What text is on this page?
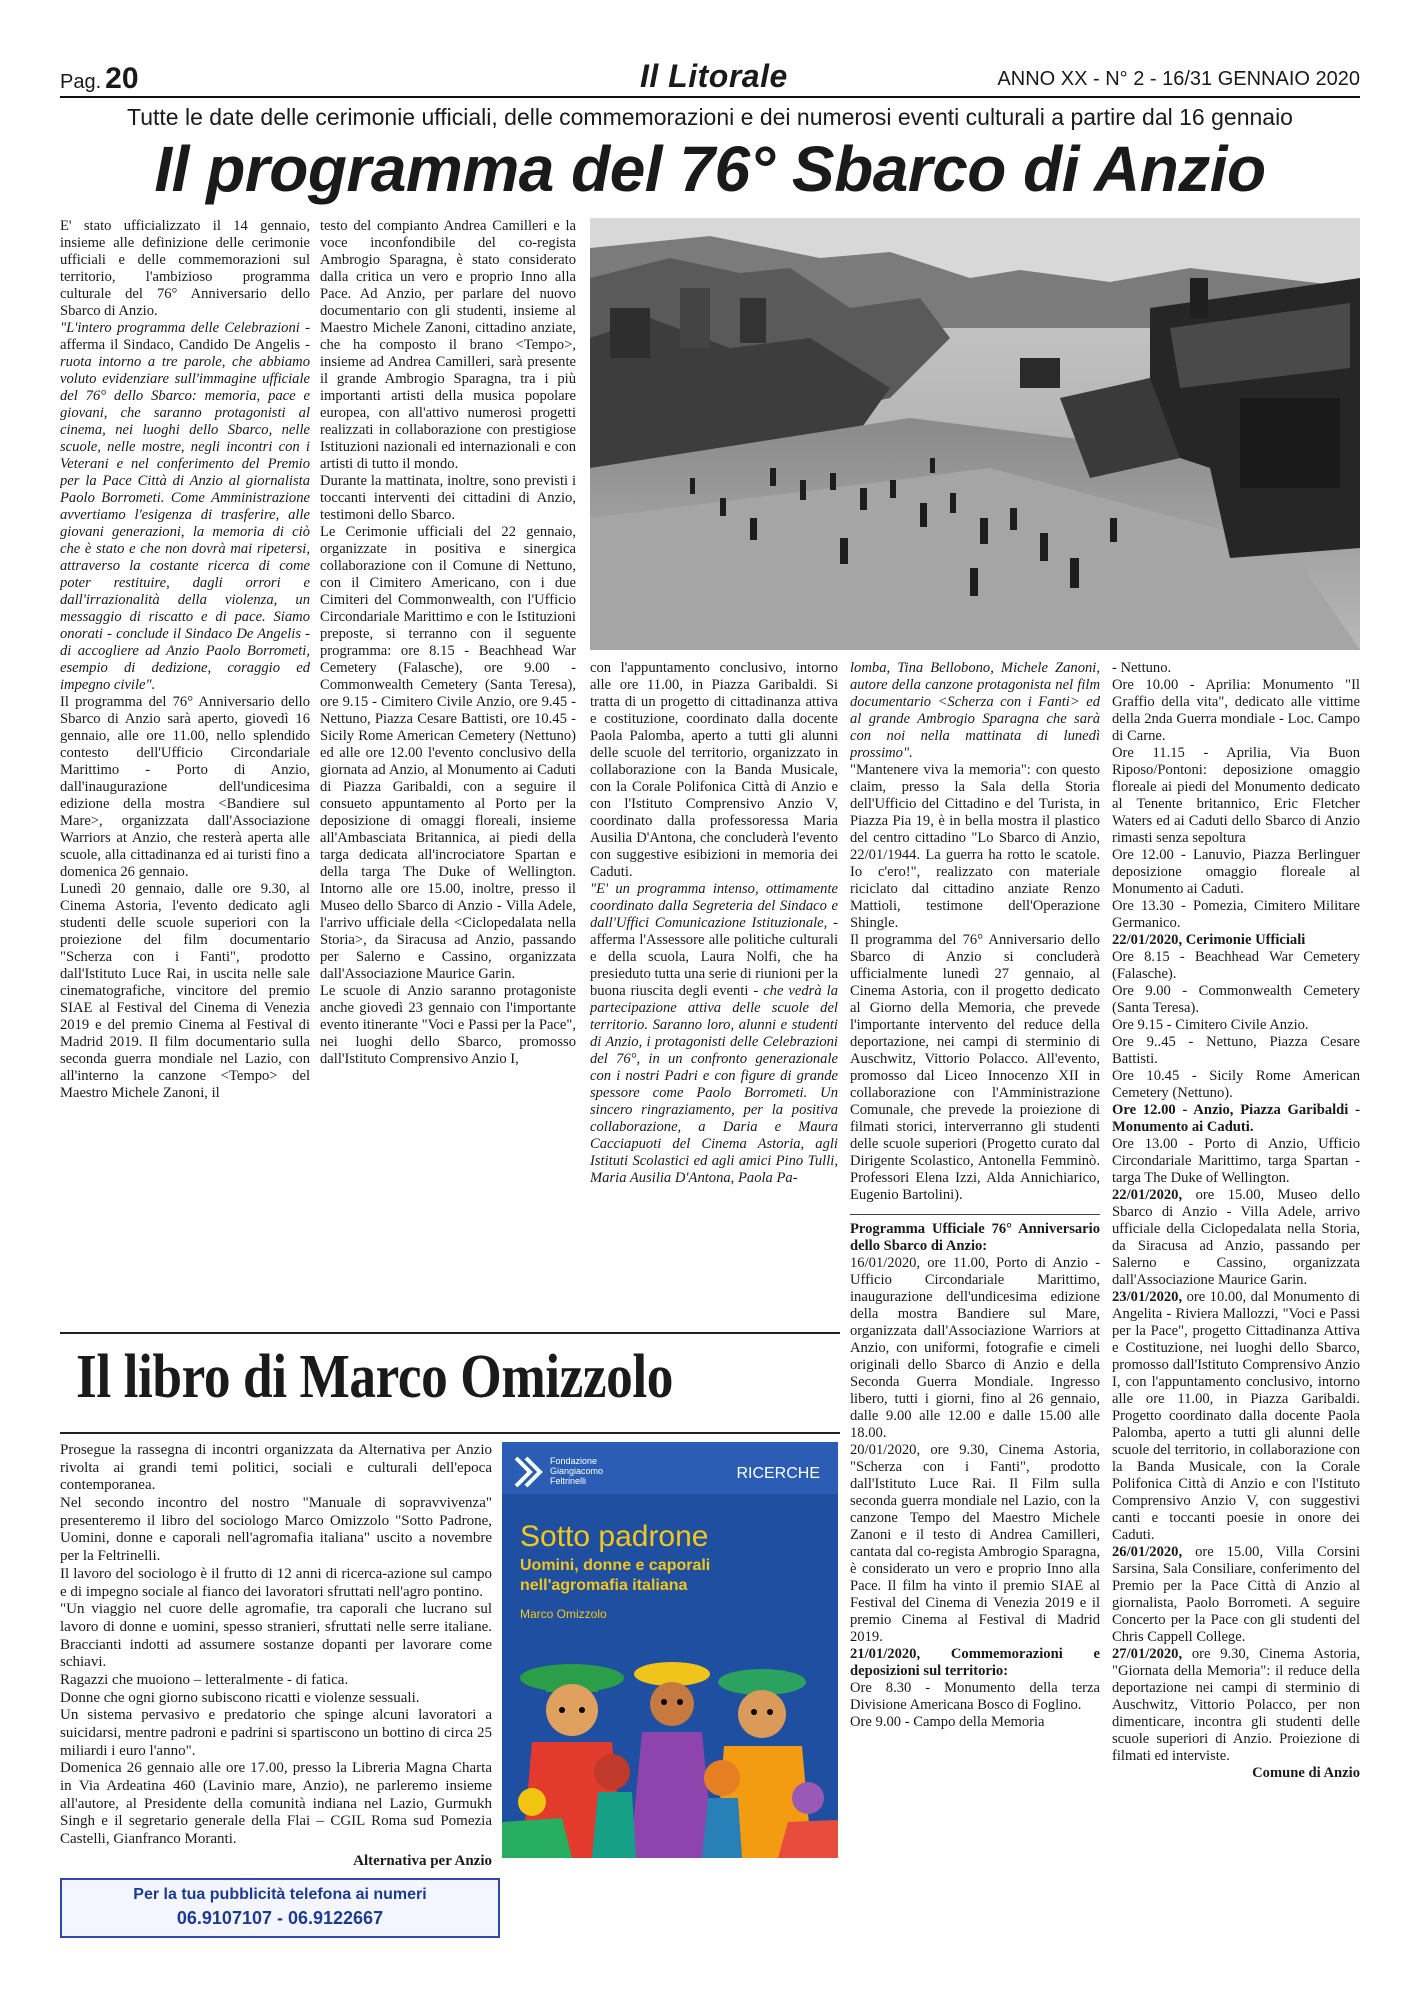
Pag. 20	Il Litorale	ANNO XX - N° 2 - 16/31 GENNAIO 2020
Tutte le date delle cerimonie ufficiali, delle commemorazioni e dei numerosi eventi culturali a partire dal 16 gennaio
Il programma del 76° Sbarco di Anzio

E' stato ufficializzato il 14 gennaio, insieme alle definizione delle cerimonie ufficiali e delle commemorazioni sul territorio, l'ambizioso programma culturale del 76° Anniversario dello Sbarco di Anzio.

"L'intero programma delle Celebrazioni - afferma il Sindaco, Candido De Angelis - ruota intorno a tre parole, che abbiamo voluto evidenziare sull'immagine ufficiale del 76° dello Sbarco: memoria, pace e giovani, che saranno protagonisti al cinema, nei luoghi dello Sbarco, nelle scuole, nelle mostre, negli incontri con i Veterani e nel conferimento del Premio per la Pace Città di Anzio al giornalista Paolo Borrometi. Come Amministrazione avvertiamo l'esigenza di trasferire, alle giovani generazioni, la memoria di ciò che è stato e che non dovrà mai ripetersi, attraverso la costante ricerca di come poter restituire, dagli orrori e dall'irrazionalità della violenza, un messaggio di riscatto e di pace. Siamo onorati - conclude il Sindaco De Angelis - di accogliere ad Anzio Paolo Borrometi, esempio di dedizione, coraggio ed impegno civile".

Il programma del 76° Anniversario dello Sbarco di Anzio sarà aperto, giovedì 16 gennaio, alle ore 11.00, nello splendido contesto dell'Ufficio Circondariale Marittimo - Porto di Anzio, dall'inaugurazione dell'undicesima edizione della mostra <Bandiere sul Mare>, organizzata dall'Associazione Warriors at Anzio, che resterà aperta alle scuole, alla cittadinanza ed ai turisti fino a domenica 26 gennaio.

Lunedì 20 gennaio, dalle ore 9.30, al Cinema Astoria, l'evento dedicato agli studenti delle scuole superiori con la proiezione del film documentario "Scherza con i Fanti", prodotto dall'Istituto Luce Rai, in uscita nelle sale cinematografiche, vincitore del premio SIAE al Festival del Cinema di Venezia 2019 e del premio Cinema al Festival di Madrid 2019. Il film documentario sulla seconda guerra mondiale nel Lazio, con all'interno la canzone <Tempo> del Maestro Michele Zanoni, il

testo del compianto Andrea Camilleri e la voce inconfondibile del co-regista Ambrogio Sparagna, è stato considerato dalla critica un vero e proprio Inno alla Pace. Ad Anzio, per parlare del nuovo documentario con gli studenti, insieme al Maestro Michele Zanoni, cittadino anziate, che ha composto il brano <Tempo>, insieme ad Andrea Camilleri, sarà presente il grande Ambrogio Sparagna, tra i più importanti artisti della musica popolare europea, con all'attivo numerosi progetti realizzati in collaborazione con prestigiose Istituzioni nazionali ed internazionali e con artisti di tutto il mondo.

Durante la mattinata, inoltre, sono previsti i toccanti interventi dei cittadini di Anzio, testimoni dello Sbarco.

Le Cerimonie ufficiali del 22 gennaio, organizzate in positiva e sinergica collaborazione con il Comune di Nettuno, con il Cimitero Americano, con i due Cimiteri del Commonwealth, con l'Ufficio Circondariale Marittimo e con le Istituzioni preposte, si terranno con il seguente programma: ore 8.15 - Beachhead War Cemetery (Falasche), ore 9.00 - Commonwealth Cemetery (Santa Teresa), ore 9.15 - Cimitero Civile Anzio, ore 9.45 - Nettuno, Piazza Cesare Battisti, ore 10.45 - Sicily Rome American Cemetery (Nettuno) ed alle ore 12.00 l'evento conclusivo della giornata ad Anzio, al Monumento ai Caduti di Piazza Garibaldi, con a seguire il consueto appuntamento al Porto per la deposizione di omaggi floreali, insieme all'Ambasciata Britannica, ai piedi della targa dedicata all'incrociatore Spartan e della targa The Duke of Wellington. Intorno alle ore 15.00, inoltre, presso il Museo dello Sbarco di Anzio - Villa Adele, l'arrivo ufficiale della <Ciclopedalata nella Storia>, da Siracusa ad Anzio, passando per Salerno e Cassino, organizzata dall'Associazione Maurice Garin.

Le scuole di Anzio saranno protagoniste anche giovedì 23 gennaio con l'importante evento itinerante "Voci e Passi per la Pace", nei luoghi dello Sbarco, promosso dall'Istituto Comprensivo Anzio I,

con l'appuntamento conclusivo, intorno alle ore 11.00, in Piazza Garibaldi. Si tratta di un progetto di cittadinanza attiva e costituzione, coordinato dalla docente Paola Palomba, aperto a tutti gli alunni delle scuole del territorio, organizzato in collaborazione con la Banda Musicale, con la Corale Polifonica Città di Anzio e con l'Istituto Comprensivo Anzio V, coordinato dalla professoressa Maria Ausilia D'Antona, che concluderà l'evento con suggestive esibizioni in memoria dei Caduti.

"E' un programma intenso, ottimamente coordinato dalla Segreteria del Sindaco e dall'Uffici Comunicazione Istituzionale, - afferma l'Assessore alle politiche culturali e della scuola, Laura Nolfi, che ha presieduto tutta una serie di riunioni per la buona riuscita degli eventi - che vedrà la partecipazione attiva delle scuole del territorio. Saranno loro, alunni e studenti di Anzio, i protagonisti delle Celebrazioni del 76°, in un confronto generazionale con i nostri Padri e con figure di grande spessore come Paolo Borrometi. Un sincero ringraziamento, per la positiva collaborazione, a Daria e Maura Cacciapuoti del Cinema Astoria, agli Istituti Scolastici ed agli amici Pino Tulli, Maria Ausilia D'Antona, Paola Pa-

lomba, Tina Bellobono, Michele Zanoni, autore della canzone protagonista nel film documentario <Scherza con i Fanti> ed al grande Ambrogio Sparagna che sarà con noi nella mattinata di lunedì prossimo".

"Mantenere viva la memoria": con questo claim, presso la Sala della Storia dell'Ufficio del Cittadino e del Turista, in Piazza Pia 19, è in bella mostra il plastico del centro cittadino "Lo Sbarco di Anzio, 22/01/1944. La guerra ha rotto le scatole. Io c'ero!", realizzato con materiale riciclato dal cittadino anziate Renzo Mattioli, testimone dell'Operazione Shingle.

Il programma del 76° Anniversario dello Sbarco di Anzio si concluderà ufficialmente lunedì 27 gennaio, al Cinema Astoria, con il progetto dedicato al Giorno della Memoria, che prevede l'importante intervento del reduce della deportazione, nei campi di sterminio di Auschwitz, Vittorio Polacco. All'evento, promosso dal Liceo Innocenzo XII in collaborazione con l'Amministrazione Comunale, che prevede la proiezione di filmati storici, interverranno gli studenti delle scuole superiori (Progetto curato dal Dirigente Scolastico, Antonella Femminò. Professori Elena Izzi, Alda Annichiarico, Eugenio Bartolini).

Programma Ufficiale 76° Anniversario dello Sbarco di Anzio:

16/01/2020, ore 11.00, Porto di Anzio - Ufficio Circondariale Marittimo, inaugurazione dell'undicesima edizione della mostra Bandiere sul Mare, organizzata dall'Associazione Warriors at Anzio, con uniformi, fotografie e cimeli originali dello Sbarco di Anzio e della Seconda Guerra Mondiale. Ingresso libero, tutti i giorni, fino al 26 gennaio, dalle 9.00 alle 12.00 e dalle 15.00 alle 18.00.

20/01/2020, ore 9.30, Cinema Astoria, "Scherza con i Fanti", prodotto dall'Istituto Luce Rai. Il Film sulla seconda guerra mondiale nel Lazio, con la canzone Tempo del Maestro Michele Zanoni e il testo di Andrea Camilleri, cantata dal co-regista Ambrogio Sparagna, è considerato un vero e proprio Inno alla Pace. Il film ha vinto il premio SIAE al Festival del Cinema di Venezia 2019 e il premio Cinema al Festival di Madrid 2019.

21/01/2020, Commemorazioni e deposizioni sul territorio:

Ore 8.30 - Monumento della terza Divisione Americana Bosco di Foglino.

Ore 9.00 - Campo della Memoria

- Nettuno.

Ore 10.00 - Aprilia: Monumento "Il Graffio della vita", dedicato alle vittime della 2nda Guerra mondiale - Loc. Campo di Carne.

Ore 11.15 - Aprilia, Via Buon Riposo/Pontoni: deposizione omaggio floreale ai piedi del Monumento dedicato al Tenente britannico, Eric Fletcher Waters ed ai Caduti dello Sbarco di Anzio rimasti senza sepoltura

Ore 12.00 - Lanuvio, Piazza Berlinguer deposizione omaggio floreale al Monumento ai Caduti.

Ore 13.30 - Pomezia, Cimitero Militare Germanico.

22/01/2020, Cerimonie Ufficiali

Ore 8.15 - Beachhead War Cemetery (Falasche).

Ore 9.00 - Commonwealth Cemetery (Santa Teresa).

Ore 9.15 - Cimitero Civile Anzio.

Ore 9..45 - Nettuno, Piazza Cesare Battisti.

Ore 10.45 - Sicily Rome American Cemetery (Nettuno).

Ore 12.00 - Anzio, Piazza Garibaldi - Monumento ai Caduti.

Ore 13.00 - Porto di Anzio, Ufficio Circondariale Marittimo, targa Spartan - targa The Duke of Wellington.

22/01/2020, ore 15.00, Museo dello Sbarco di Anzio - Villa Adele, arrivo ufficiale della Ciclopedalata nella Storia, da Siracusa ad Anzio, passando per Salerno e Cassino, organizzata dall'Associazione Maurice Garin.

23/01/2020, ore 10.00, dal Monumento di Angelita - Riviera Mallozzi, "Voci e Passi per la Pace", progetto Cittadinanza Attiva e Costituzione, nei luoghi dello Sbarco, promosso dall'Istituto Comprensivo Anzio I, con l'appuntamento conclusivo, intorno alle ore 11.00, in Piazza Garibaldi. Progetto coordinato dalla docente Paola Palomba, aperto a tutti gli alunni delle scuole del territorio, in collaborazione con la Banda Musicale, con la Corale Polifonica Città di Anzio e con l'Istituto Comprensivo Anzio V, con suggestivi canti e toccanti poesie in onore dei Caduti.

26/01/2020, ore 15.00, Villa Corsini Sarsina, Sala Consiliare, conferimento del Premio per la Pace Città di Anzio al giornalista, Paolo Borrometi. A seguire Concerto per la Pace con gli studenti del Chris Cappell College.

27/01/2020, ore 9.30, Cinema Astoria, "Giornata della Memoria": il reduce della deportazione nei campi di sterminio di Auschwitz, Vittorio Polacco, per non dimenticare, incontra gli studenti delle scuole superiori di Anzio. Proiezione di filmati ed interviste.

Comune di Anzio

Il libro di Marco Omizzolo

Prosegue la rassegna di incontri organizzata da Alternativa per Anzio rivolta ai grandi temi politici, sociali e culturali dell'epoca contemporanea.

Nel secondo incontro del nostro "Manuale di sopravvivenza" presenteremo il libro del sociologo Marco Omizzolo "Sotto Padrone, Uomini, donne e caporali nell'agromafia italiana" uscito a novembre per la Feltrinelli.

Il lavoro del sociologo è il frutto di 12 anni di ricerca-azione sul campo e di impegno sociale al fianco dei lavoratori sfruttati nell'agro pontino.

"Un viaggio nel cuore delle agromafie, tra caporali che lucrano sul lavoro di donne e uomini, spesso stranieri, sfruttati nelle serre italiane. Braccianti indotti ad assumere sostanze dopanti per lavorare come schiavi.

Ragazzi che muoiono – letteralmente - di fatica.

Donne che ogni giorno subiscono ricatti e violenze sessuali.

Un sistema pervasivo e predatorio che spinge alcuni lavoratori a suicidarsi, mentre padroni e padrini si spartiscono un bottino di circa 25 miliardi i euro l'anno".

Domenica 26 gennaio alle ore 17.00, presso la Libreria Magna Charta in Via Ardeatina 460 (Lavinio mare, Anzio), ne parleremo insieme all'autore, al Presidente della comunità indiana nel Lazio, Gurmukh Singh e il segretario generale della Flai – CGIL Roma sud Pomezia Castelli, Gianfranco Moranti.

Alternativa per Anzio

Fondazione
Giangiacomo
Feltrinelli	RICERCHE
Sotto padrone
Uomini, donne e caporali
nell'agromafia italiana
Marco Omizzolo
Per la tua pubblicità telefona ai numeri
06.9107107 - 06.9122667
